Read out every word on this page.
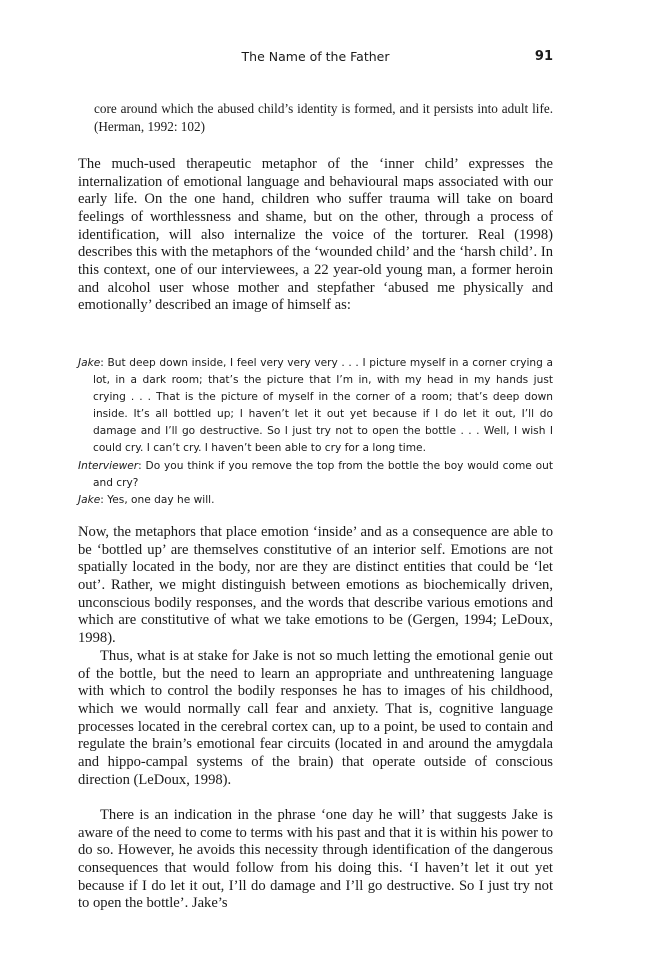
The Name of the Father	91
core around which the abused child’s identity is formed, and it persists into adult life. (Herman, 1992: 102)

The much-used therapeutic metaphor of the ‘inner child’ expresses the internalization of emotional language and behavioural maps associated with our early life. On the one hand, children who suffer trauma will take on board feelings of worthlessness and shame, but on the other, through a process of identification, will also internalize the voice of the torturer. Real (1998) describes this with the metaphors of the ‘wounded child’ and the ‘harsh child’. In this context, one of our interviewees, a 22 year-old young man, a former heroin and alcohol user whose mother and stepfather ‘abused me physically and emotionally’ described an image of himself as:

Jake: But deep down inside, I feel very very very . . . I picture myself in a corner crying a lot, in a dark room; that’s the picture that I’m in, with my head in my hands just crying . . . That is the picture of myself in the corner of a room; that’s deep down inside. It’s all bottled up; I haven’t let it out yet because if I do let it out, I’ll do damage and I’ll go destructive. So I just try not to open the bottle . . . Well, I wish I could cry. I can’t cry. I haven’t been able to cry for a long time.

Interviewer: Do you think if you remove the top from the bottle the boy would come out and cry?

Jake: Yes, one day he will.

Now, the metaphors that place emotion ‘inside’ and as a consequence are able to be ‘bottled up’ are themselves constitutive of an interior self. Emotions are not spatially located in the body, nor are they are distinct entities that could be ‘let out’. Rather, we might distinguish between emotions as biochemically driven, unconscious bodily responses, and the words that describe various emotions and which are constitutive of what we take emotions to be (Gergen, 1994; LeDoux, 1998).

Thus, what is at stake for Jake is not so much letting the emotional genie out of the bottle, but the need to learn an appropriate and unthreatening language with which to control the bodily responses he has to images of his childhood, which we would normally call fear and anxiety. That is, cognitive language processes located in the cerebral cortex can, up to a point, be used to contain and regulate the brain’s emotional fear circuits (located in and around the amygdala and hippo-campal systems of the brain) that operate outside of conscious direction (LeDoux, 1998).

There is an indication in the phrase ‘one day he will’ that suggests Jake is aware of the need to come to terms with his past and that it is within his power to do so. However, he avoids this necessity through identification of the dangerous consequences that would follow from his doing this. ‘I haven’t let it out yet because if I do let it out, I’ll do damage and I’ll go destructive. So I just try not to open the bottle’. Jake’s
